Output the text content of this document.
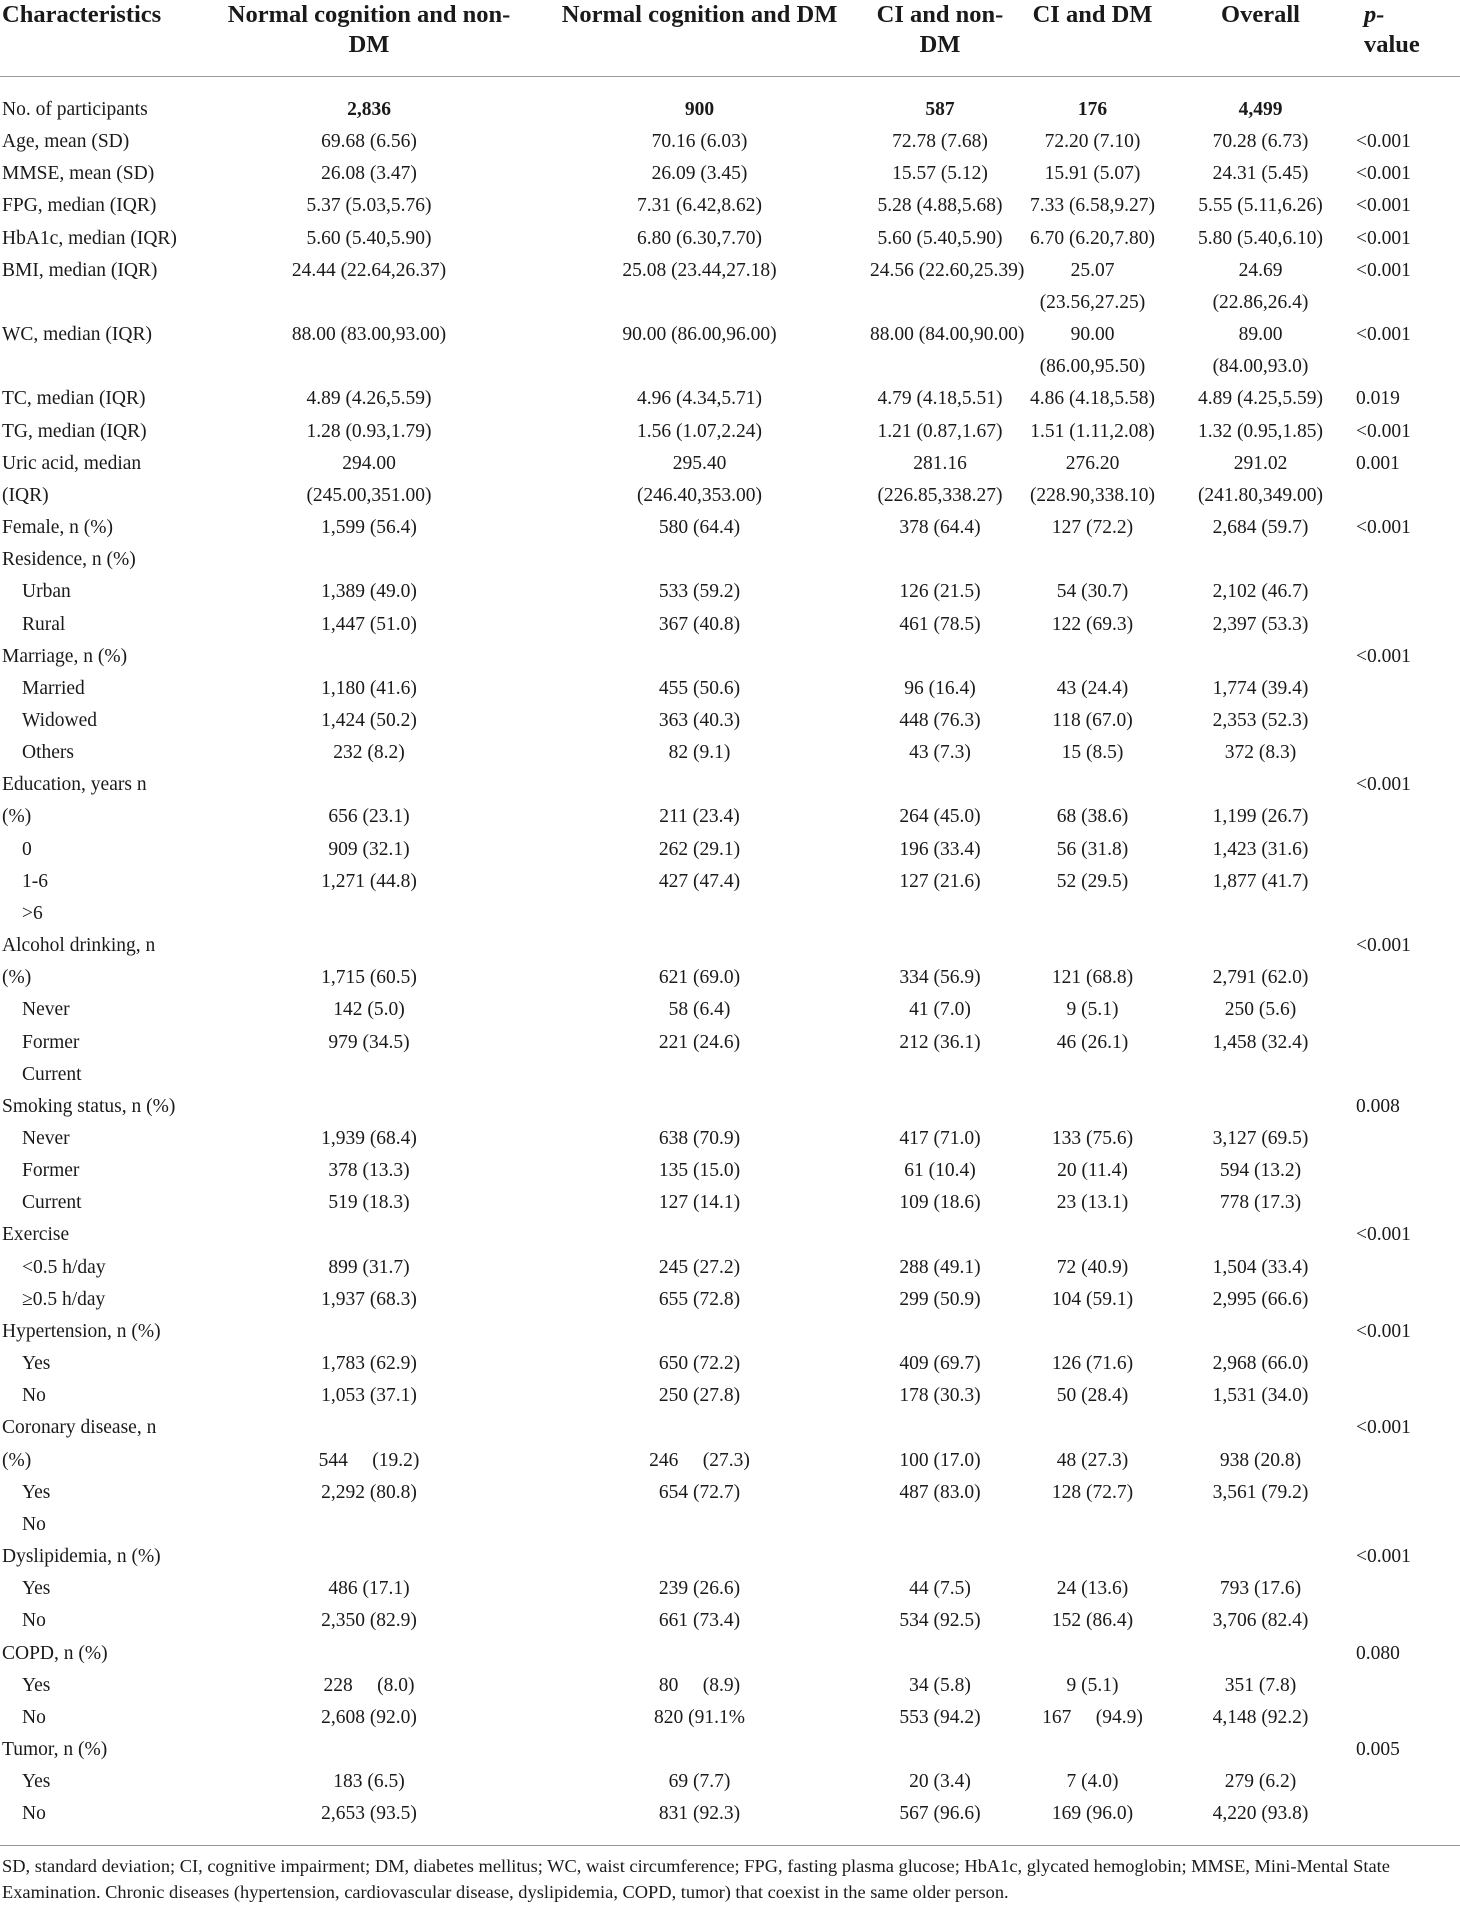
Characteristics	Normal cognition and non-DM	Normal cognition and DM	CI and non-DM	CI and DM	Overall	p-
value

No. of participants	2,836	900	587	176	4,499	

Age, mean (SD)	69.68 (6.56)	70.16 (6.03)	72.78 (7.68)	72.20 (7.10)	70.28 (6.73)	<0.001

MMSE, mean (SD)	26.08 (3.47)	26.09 (3.45)	15.57 (5.12)	15.91 (5.07)	24.31 (5.45)	<0.001

FPG, median (IQR)	5.37 (5.03,5.76)	7.31 (6.42,8.62)	5.28 (4.88,5.68)	7.33 (6.58,9.27)	5.55 (5.11,6.26)	<0.001

HbA1c, median (IQR)	5.60 (5.40,5.90)	6.80 (6.30,7.70)	5.60 (5.40,5.90)	6.70 (6.20,7.80)	5.80 (5.40,6.10)	<0.001

BMI, median (IQR)	24.44 (22.64,26.37)	25.08 (23.44,27.18)	24.56 (22.60,25.39)	25.07
(23.56,27.25)	24.69
(22.86,26.4)	<0.001

WC, median (IQR)	88.00 (83.00,93.00)	90.00 (86.00,96.00)	88.00 (84.00,90.00)	90.00
(86.00,95.50)	89.00
(84.00,93.0)	<0.001

TC, median (IQR)	4.89 (4.26,5.59)	4.96 (4.34,5.71)	4.79 (4.18,5.51)	4.86 (4.18,5.58)	4.89 (4.25,5.59)	0.019

TG, median (IQR)	1.28 (0.93,1.79)	1.56 (1.07,2.24)	1.21 (0.87,1.67)	1.51 (1.11,2.08)	1.32 (0.95,1.85)	<0.001

Uric acid, median
(IQR)	294.00
(245.00,351.00)	295.40
(246.40,353.00)	281.16
(226.85,338.27)	276.20
(228.90,338.10)	291.02
(241.80,349.00)	0.001

Female, n (%)	1,599 (56.4)	580 (64.4)	378 (64.4)	127 (72.2)	2,684 (59.7)	<0.001

Residence, n (%)						

Urban	1,389 (49.0)	533 (59.2)	126 (21.5)	54 (30.7)	2,102 (46.7)	

Rural	1,447 (51.0)	367 (40.8)	461 (78.5)	122 (69.3)	2,397 (53.3)	

Marriage, n (%)						<0.001

Married	1,180 (41.6)	455 (50.6)	96 (16.4)	43 (24.4)	1,774 (39.4)	

Widowed	1,424 (50.2)	363 (40.3)	448 (76.3)	118 (67.0)	2,353 (52.3)	

Others	232 (8.2)	82 (9.1)	43 (7.3)	15 (8.5)	372 (8.3)	

Education, years n						<0.001

(%)	656 (23.1)	211 (23.4)	264 (45.0)	68 (38.6)	1,199 (26.7)	

0	909 (32.1)	262 (29.1)	196 (33.4)	56 (31.8)	1,423 (31.6)	

1-6	1,271 (44.8)	427 (47.4)	127 (21.6)	52 (29.5)	1,877 (41.7)	

>6						

Alcohol drinking, n						<0.001

(%)	1,715 (60.5)	621 (69.0)	334 (56.9)	121 (68.8)	2,791 (62.0)	

Never	142 (5.0)	58 (6.4)	41 (7.0)	9 (5.1)	250 (5.6)	

Former	979 (34.5)	221 (24.6)	212 (36.1)	46 (26.1)	1,458 (32.4)	

Current						

Smoking status, n (%)						0.008

Never	1,939 (68.4)	638 (70.9)	417 (71.0)	133 (75.6)	3,127 (69.5)	

Former	378 (13.3)	135 (15.0)	61 (10.4)	20 (11.4)	594 (13.2)	

Current	519 (18.3)	127 (14.1)	109 (18.6)	23 (13.1)	778 (17.3)	

Exercise						<0.001

<0.5 h/day	899 (31.7)	245 (27.2)	288 (49.1)	72 (40.9)	1,504 (33.4)	

≥0.5 h/day	1,937 (68.3)	655 (72.8)	299 (50.9)	104 (59.1)	2,995 (66.6)	

Hypertension, n (%)						<0.001

Yes	1,783 (62.9)	650 (72.2)	409 (69.7)	126 (71.6)	2,968 (66.0)	

No	1,053 (37.1)	250 (27.8)	178 (30.3)	50 (28.4)	1,531 (34.0)	

Coronary disease, n						<0.001

(%)	544     (19.2)	246     (27.3)	100 (17.0)	48 (27.3)	938 (20.8)	

Yes	2,292 (80.8)	654 (72.7)	487 (83.0)	128 (72.7)	3,561 (79.2)	

No						

Dyslipidemia, n (%)						<0.001

Yes	486 (17.1)	239 (26.6)	44 (7.5)	24 (13.6)	793 (17.6)	

No	2,350 (82.9)	661 (73.4)	534 (92.5)	152 (86.4)	3,706 (82.4)	

COPD, n (%)						0.080

Yes	228     (8.0)	80     (8.9)	34 (5.8)	9 (5.1)	351 (7.8)	

No	2,608 (92.0)	820 (91.1%	553 (94.2)	167     (94.9)	4,148 (92.2)	

Tumor, n (%)						0.005

Yes	183 (6.5)	69 (7.7)	20 (3.4)	7 (4.0)	279 (6.2)	

No	2,653 (93.5)	831 (92.3)	567 (96.6)	169 (96.0)	4,220 (93.8)	

SD, standard deviation; CI, cognitive impairment; DM, diabetes mellitus; WC, waist circumference; FPG, fasting plasma glucose; HbA1c, glycated hemoglobin; MMSE, Mini-Mental State Examination. Chronic diseases (hypertension, cardiovascular disease, dyslipidemia, COPD, tumor) that coexist in the same older person.
